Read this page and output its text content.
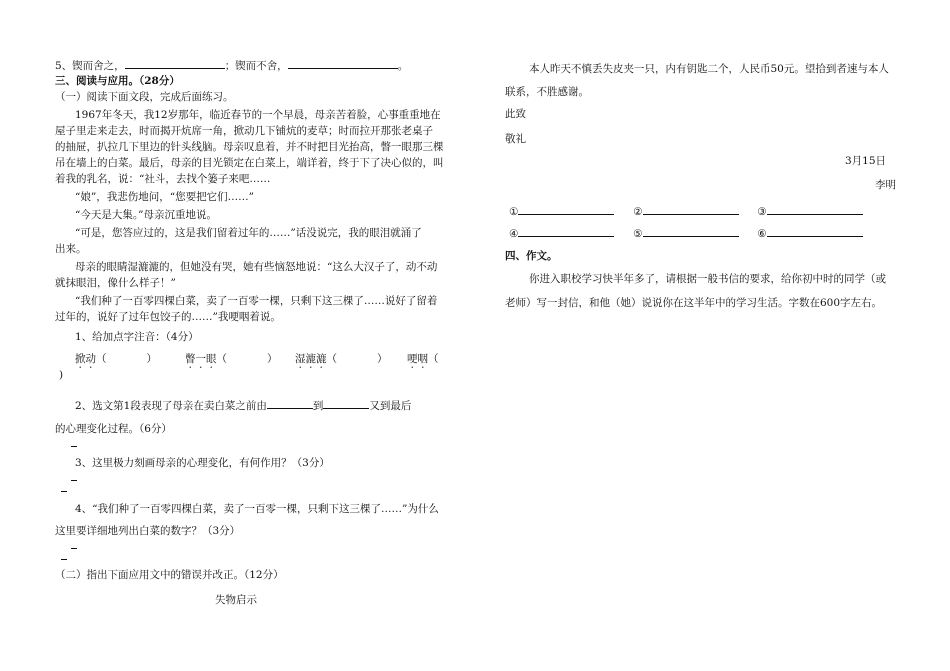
5、锲而舍之，	；锲而不舍，	。
三、阅读与应用。（28分）
（一）阅读下面文段，完成后面练习。
1967年冬天，我12岁那年，临近春节的一个早晨，母亲苦着脸，心事重重地在
屋子里走来走去，时而揭开炕席一角，掀动几下铺炕的麦草；时而拉开那张老桌子
的抽屉，扒拉几下里边的针头线脑。母亲叹息着，并不时把目光抬高，瞥一眼那三棵
吊在墙上的白菜。最后，母亲的目光锁定在白菜上，端详着，终于下了决心似的，叫
着我的乳名，说：“社斗，去找个篓子来吧……
“娘”，我悲伤地问，“您要把它们……”
“今天是大集。”母亲沉重地说。
“可是，您答应过的，这是我们留着过年的……”话没说完，我的眼泪就涌了
出来。
母亲的眼睛湿漉漉的，但她没有哭，她有些恼怒地说：“这么大汉子了，动不动
就抹眼泪，像什么样子！”
“我们种了一百零四棵白菜，卖了一百零一棵，只剩下这三棵了……说好了留着
过年的，说好了过年包饺子的……”我哽咽着说。
1、给加点字注音：（4分）
掀动（	）	瞥一眼（	） 湿漉漉（	） 哽咽（
)
2、选文第1段表现了母亲在卖白菜之前由	到	又到最后
的心理变化过程。（6分）
3、这里极力刻画母亲的心理变化，有何作用？（3分）
4、“我们种了一百零四棵白菜，卖了一百零一棵，只剩下这三棵了……”为什么
这里要详细地列出白菜的数字？（3分）
（二）指出下面应用文中的错误并改正。（12分）
失物启示
本人昨天不慎丢失皮夹一只，内有钥匙二个，人民币50元。望拾到者速与本人
联系，不胜感谢。
此致
敬礼
3月15日
李明
①	②	③
④	⑤	⑥
四、作文。
你进入职校学习快半年多了，请根据一般书信的要求，给你初中时的同学（或
老师）写一封信，和他（她）说说你在这半年中的学习生活。字数在600字左右。
